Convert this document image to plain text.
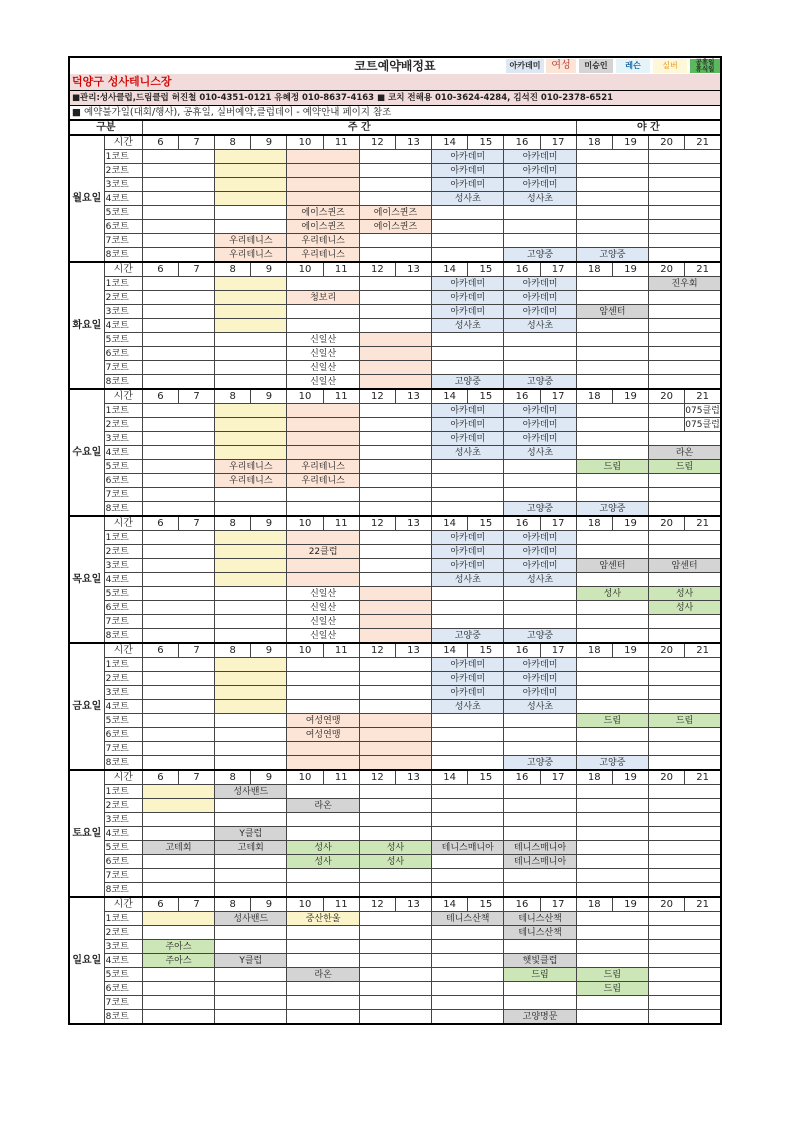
코트예약배정표	아카데미	여성	미승인	레슨	실버	공휴일
휴식일
덕양구 성사테니스장
■관리:성사클럽,드림클럽 허진철 010-4351-0121 유혜정 010-8637-4163 ■ 코치 전해용 010-3624-4284, 김석진 010-2378-6521
■ 예약불가일(대회/행사), 공휴일, 실버예약,클럽데이 - 예약안내 페이지 참조
구분		주 간												야 간			
월요일	시간	6	7	8	9	10	11	12	13	14	15	16	17	18	19	20	21
	1코트									아카데미		아카데미					
	2코트									아카데미		아카데미					
	3코트									아카데미		아카데미					
	4코트									성사초		성사초					
	5코트					에이스퀸즈		에이스퀸즈									
	6코트					에이스퀸즈		에이스퀸즈									
	7코트			우리테니스		우리테니스											
	8코트			우리테니스		우리테니스						고양중		고양중			
화요일	시간	6	7	8	9	10	11	12	13	14	15	16	17	18	19	20	21
	1코트									아카데미		아카데미				진우회	
	2코트					청보리				아카데미		아카데미					
	3코트									아카데미		아카데미		암센터			
	4코트									성사초		성사초					
	5코트					신일산											
	6코트					신일산											
	7코트					신일산											
	8코트					신일산				고양중		고양중					
수요일	시간	6	7	8	9	10	11	12	13	14	15	16	17	18	19	20	21
	1코트									아카데미		아카데미					075클럽
	2코트									아카데미		아카데미					075클럽
	3코트									아카데미		아카데미					
	4코트									성사초		성사초				라온	
	5코트			우리테니스		우리테니스								드림		드림	
	6코트			우리테니스		우리테니스											
	7코트																
	8코트											고양중		고양중			
목요일	시간	6	7	8	9	10	11	12	13	14	15	16	17	18	19	20	21
	1코트									아카데미		아카데미					
	2코트					22클럽				아카데미		아카데미					
	3코트									아카데미		아카데미		암센터		암센터	
	4코트									성사초		성사초					
	5코트					신일산								성사		성사	
	6코트					신일산										성사	
	7코트					신일산											
	8코트					신일산				고양중		고양중					
금요일	시간	6	7	8	9	10	11	12	13	14	15	16	17	18	19	20	21
	1코트									아카데미		아카데미					
	2코트									아카데미		아카데미					
	3코트									아카데미		아카데미					
	4코트									성사초		성사초					
	5코트					여성연맹								드림		드림	
	6코트					여성연맹											
	7코트																
	8코트											고양중		고양중			
토요일	시간	6	7	8	9	10	11	12	13	14	15	16	17	18	19	20	21
	1코트			성사밴드													
	2코트					라온											
	3코트																
	4코트			Y클럽													
	5코트	고테회		고테회		성사		성사		테니스매니아		테니스매니아					
	6코트					성사		성사				테니스매니아					
	7코트																
	8코트																
일요일	시간	6	7	8	9	10	11	12	13	14	15	16	17	18	19	20	21
	1코트			성사밴드		중산한울				테니스산책		테니스산책					
	2코트											테니스산책					
	3코트	주아스															
	4코트	주아스		Y클럽								햇빛클럽					
	5코트					라온						드림		드림			
	6코트													드림			
	7코트																
	8코트											고양명문					
